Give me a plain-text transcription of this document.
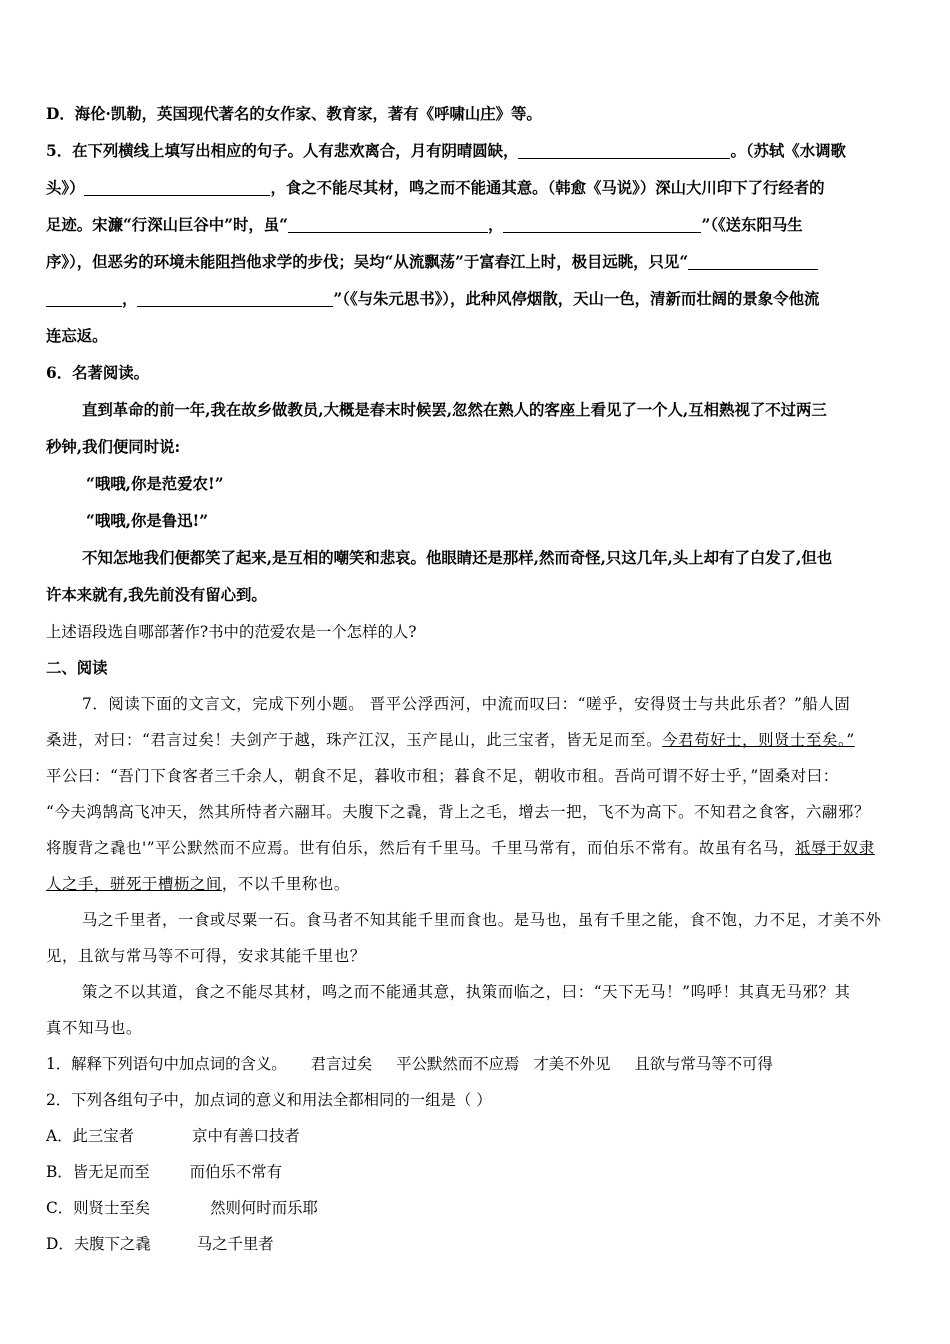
D．海伦·凯勒，英国现代著名的女作家、教育家，著有《呼啸山庄》等。
5．在下列横线上填写出相应的句子。人有悲欢离合，月有阴晴圆缺，	。（苏轼《水调歌
头》）	，食之不能尽其材，鸣之而不能通其意。（韩愈《马说》）深山大川印下了行经者的
足迹。宋濂“行深山巨谷中”时，虽“	，	”（《送东阳马生
序》），但恶劣的环境未能阻挡他求学的步伐；吴均“从流飘荡”于富春江上时，极目远眺，只见“
，	”（《与朱元思书》），此种风停烟散，天山一色，清新而壮阔的景象令他流
连忘返。
6．名著阅读。
直到革命的前一年,我在故乡做教员,大概是春末时候罢,忽然在熟人的客座上看见了一个人,互相熟视了不过两三
秒钟,我们便同时说:
“哦哦,你是范爱农!”
“哦哦,你是鲁迅!”
不知怎地我们便都笑了起来,是互相的嘲笑和悲哀。他眼睛还是那样,然而奇怪,只这几年,头上却有了白发了,但也
许本来就有,我先前没有留心到。
上述语段选自哪部著作?书中的范爱农是一个怎样的人?
二、阅读
7．阅读下面的文言文，完成下列小题。 晋平公浮西河，中流而叹曰：“嗟乎，安得贤士与共此乐者？”船人固
桑进，对曰：“君言过矣！夫剑产于越，珠产江汉，玉产昆山，此三宝者，皆无足而至。今君苟好士，则贤士至矣。”
平公曰：“吾门下食客者三千余人，朝食不足，暮收市租；暮食不足，朝收市租。吾尚可谓不好士乎，”固桑对曰：
“今夫鸿鹄高飞冲天，然其所恃者六翮耳。夫腹下之毳，背上之毛，增去一把，飞不为高下。不知君之食客，六翮邪？
将腹背之毳也'”平公默然而不应焉。世有伯乐，然后有千里马。千里马常有，而伯乐不常有。故虽有名马，祗辱于奴隶
人之手，骈死于槽枥之间，不以千里称也。
马之千里者，一食或尽粟一石。食马者不知其能千里而食也。是马也，虽有千里之能，食不饱，力不足，才美不外
见，且欲与常马等不可得，安求其能千里也？
策之不以其道，食之不能尽其材，鸣之而不能通其意，执策而临之，曰：“天下无马！”呜呼！其真无马邪？其
真不知马也。
1．解释下列语句中加点词的含义。 君言过矣 平公默然而不应焉 才美不外见 且欲与常马等不可得
2．下列各组句子中，加点词的意义和用法全都相同的一组是（ ）
A．此三宝者	京中有善口技者
B．皆无足而至	而伯乐不常有
C．则贤士至矣	然则何时而乐耶
D．夫腹下之毳	马之千里者
